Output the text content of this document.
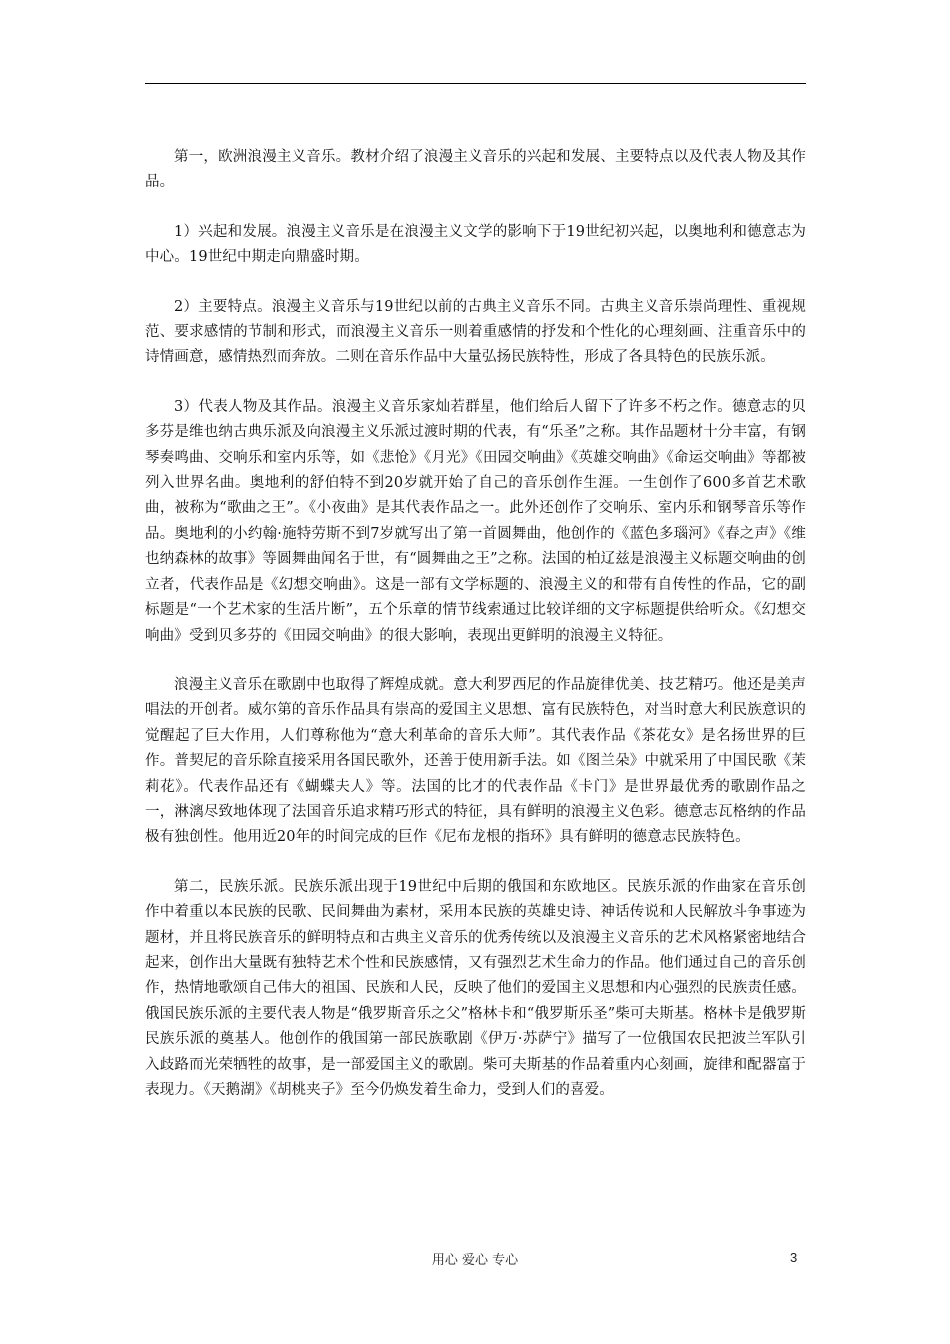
第一，欧洲浪漫主义音乐。教材介绍了浪漫主义音乐的兴起和发展、主要特点以及代表人物及其作品。

1）兴起和发展。浪漫主义音乐是在浪漫主义文学的影响下于19世纪初兴起，以奥地利和德意志为中心。19世纪中期走向鼎盛时期。

2）主要特点。浪漫主义音乐与19世纪以前的古典主义音乐不同。古典主义音乐崇尚理性、重视规范、要求感情的节制和形式，而浪漫主义音乐一则着重感情的抒发和个性化的心理刻画、注重音乐中的诗情画意，感情热烈而奔放。二则在音乐作品中大量弘扬民族特性，形成了各具特色的民族乐派。

3）代表人物及其作品。浪漫主义音乐家灿若群星，他们给后人留下了许多不朽之作。德意志的贝多芬是维也纳古典乐派及向浪漫主义乐派过渡时期的代表，有“乐圣”之称。其作品题材十分丰富，有钢琴奏鸣曲、交响乐和室内乐等，如《悲怆》《月光》《田园交响曲》《英雄交响曲》《命运交响曲》等都被列入世界名曲。奥地利的舒伯特不到20岁就开始了自己的音乐创作生涯。一生创作了600多首艺术歌曲，被称为“歌曲之王”。《小夜曲》是其代表作品之一。此外还创作了交响乐、室内乐和钢琴音乐等作品。奥地利的小约翰·施特劳斯不到7岁就写出了第一首圆舞曲，他创作的《蓝色多瑙河》《春之声》《维也纳森林的故事》等圆舞曲闻名于世，有“圆舞曲之王”之称。法国的柏辽兹是浪漫主义标题交响曲的创立者，代表作品是《幻想交响曲》。这是一部有文学标题的、浪漫主义的和带有自传性的作品，它的副标题是“一个艺术家的生活片断”，五个乐章的情节线索通过比较详细的文字标题提供给听众。《幻想交响曲》受到贝多芬的《田园交响曲》的很大影响，表现出更鲜明的浪漫主义特征。

浪漫主义音乐在歌剧中也取得了辉煌成就。意大利罗西尼的作品旋律优美、技艺精巧。他还是美声唱法的开创者。威尔第的音乐作品具有崇高的爱国主义思想、富有民族特色，对当时意大利民族意识的觉醒起了巨大作用，人们尊称他为“意大利革命的音乐大师”。其代表作品《茶花女》是名扬世界的巨作。普契尼的音乐除直接采用各国民歌外，还善于使用新手法。如《图兰朵》中就采用了中国民歌《茉莉花》。代表作品还有《蝴蝶夫人》等。法国的比才的代表作品《卡门》是世界最优秀的歌剧作品之一，淋漓尽致地体现了法国音乐追求精巧形式的特征，具有鲜明的浪漫主义色彩。德意志瓦格纳的作品极有独创性。他用近20年的时间完成的巨作《尼布龙根的指环》具有鲜明的德意志民族特色。

第二，民族乐派。民族乐派出现于19世纪中后期的俄国和东欧地区。民族乐派的作曲家在音乐创作中着重以本民族的民歌、民间舞曲为素材，采用本民族的英雄史诗、神话传说和人民解放斗争事迹为题材，并且将民族音乐的鲜明特点和古典主义音乐的优秀传统以及浪漫主义音乐的艺术风格紧密地结合起来，创作出大量既有独特艺术个性和民族感情，又有强烈艺术生命力的作品。他们通过自己的音乐创作，热情地歌颂自己伟大的祖国、民族和人民，反映了他们的爱国主义思想和内心强烈的民族责任感。俄国民族乐派的主要代表人物是“俄罗斯音乐之父”格林卡和“俄罗斯乐圣”柴可夫斯基。格林卡是俄罗斯民族乐派的奠基人。他创作的俄国第一部民族歌剧《伊万·苏萨宁》描写了一位俄国农民把波兰军队引入歧路而光荣牺牲的故事，是一部爱国主义的歌剧。柴可夫斯基的作品着重内心刻画，旋律和配器富于表现力。《天鹅湖》《胡桃夹子》至今仍焕发着生命力，受到人们的喜爱。

用心 爱心 专心	3
